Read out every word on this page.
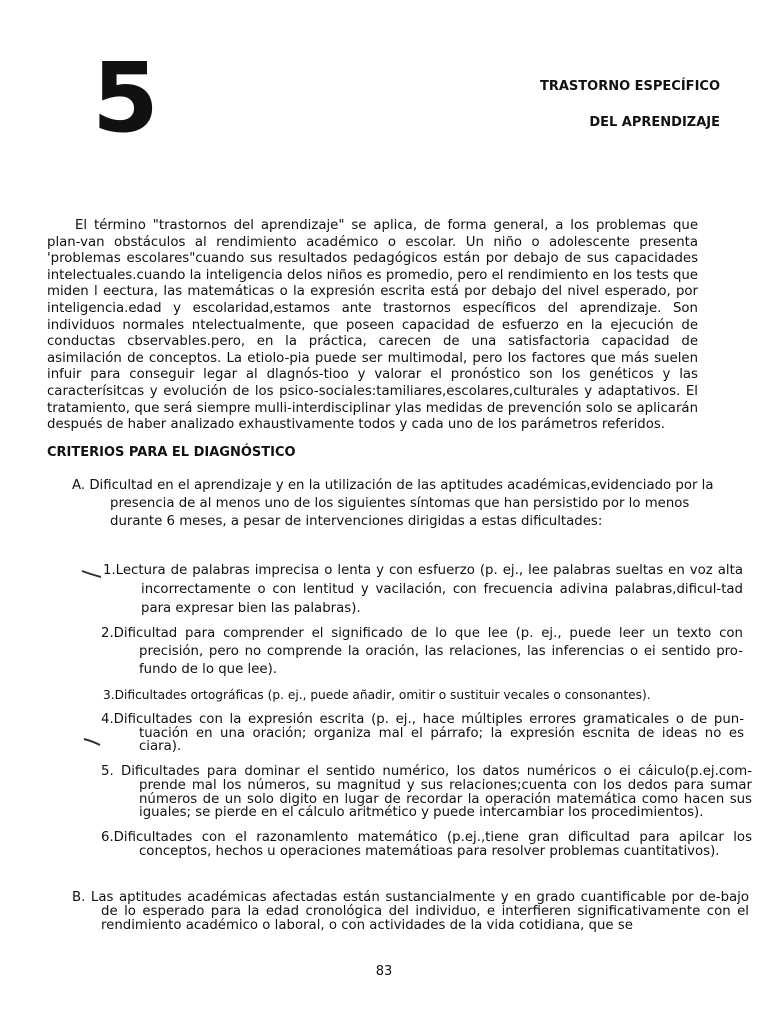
5	TRASTORNO ESPECÍFICO
DEL APRENDIZAJE

El término "trastornos del aprendizaje" se aplica, de forma general, a los problemas que plan-van obstáculos al rendimiento académico o escolar. Un niño o adolescente presenta 'problemas escolares"cuando sus resultados pedagógicos están por debajo de sus capacidades intelectuales.cuando la inteligencia delos niños es promedio, pero el rendimiento en los tests que miden l eectura, las matemáticas o la expresión escrita está por debajo del nivel esperado, por inteligencia.edad y escolaridad,estamos ante trastornos específicos del aprendizaje. Son individuos normales ntelectualmente, que poseen capacidad de esfuerzo en la ejecución de conductas cbservables.pero, en la práctica, carecen de una satisfactoria capacidad de asimilación de conceptos. La etiolo-pia puede ser multimodal, pero los factores que más suelen infuir para conseguir legar al dlagnós-tioo y valorar el pronóstico son los genéticos y las caracterísitcas y evolución de los psico-sociales:tamiliares,escolares,culturales y adaptativos. El tratamiento, que será siempre mulli-interdisciplinar ylas medidas de prevención solo se aplicarán después de haber analizado exhaustivamente todos y cada uno de los parámetros referidos.

CRITERIOS PARA EL DIAGNÓSTICO

A. Dificultad en el aprendizaje y en la utilización de las aptitudes académicas,evidenciado por la presencia de al menos uno de los siguientes síntomas que han persistido por lo menos durante 6 meses, a pesar de intervenciones dirigidas a estas dificultades:

1.Lectura de palabras imprecisa o lenta y con esfuerzo (p. ej., lee palabras sueltas en voz alta incorrectamente o con lentitud y vacilación, con frecuencia adivina palabras,dificul-tad para expresar bien las palabras).

2.Dificultad para comprender el significado de lo que lee (p. ej., puede leer un texto con precisión, pero no comprende la oración, las relaciones, las inferencias o ei sentido pro-fundo de lo que lee).

3.Dificultades ortográficas (p. ej., puede añadir, omitir o sustituir vecales o consonantes).

4.Dificultades con la expresión escrita (p. ej., hace múltiples errores gramaticales o de pun-tuación en una oración; organiza mal el párrafo; la expresión escnita de ideas no es ciara).

5. Dificultades para dominar el sentido numérico, los datos numéricos o ei cáiculo(p.ej.com-prende mal los números, su magnitud y sus relaciones;cuenta con los dedos para sumar números de un solo digito en lugar de recordar la operación matemática como hacen sus iguales; se pierde en el cálculo aritmético y puede intercambiar los procedimientos).

6.Dificultades con el razonamlento matemático (p.ej.,tiene gran dificultad para apilcar los conceptos, hechos u operaciones matemátioas para resolver problemas cuantitativos).

B. Las aptitudes académicas afectadas están sustancialmente y en grado cuantificable por de-bajo de lo esperado para la edad cronológica del individuo, e interfieren significativamente con el rendimiento académico o laboral, o con actividades de la vida cotidiana, que se

83
